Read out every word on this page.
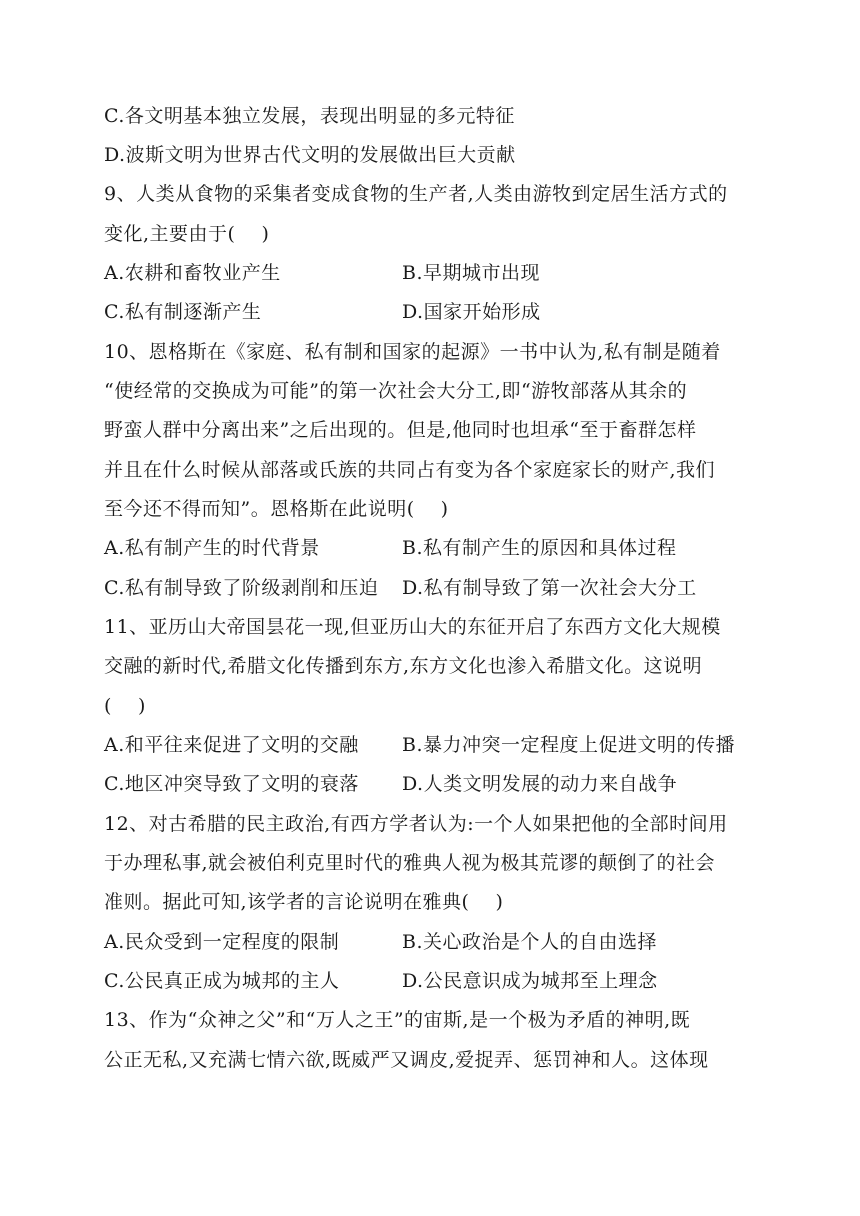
C.各文明基本独立发展，表现出明显的多元特征
D.波斯文明为世界古代文明的发展做出巨大贡献
9、人类从食物的采集者变成食物的生产者,人类由游牧到定居生活方式的
变化,主要由于(　 )
A.农耕和畜牧业产生	B.早期城市出现
C.私有制逐渐产生	D.国家开始形成
10、恩格斯在《家庭、私有制和国家的起源》一书中认为,私有制是随着
“使经常的交换成为可能”的第一次社会大分工,即“游牧部落从其余的
野蛮人群中分离出来”之后出现的。但是,他同时也坦承“至于畜群怎样
并且在什么时候从部落或氏族的共同占有变为各个家庭家长的财产,我们
至今还不得而知”。恩格斯在此说明(　 )
A.私有制产生的时代背景	B.私有制产生的原因和具体过程
C.私有制导致了阶级剥削和压迫 D.私有制导致了第一次社会大分工
11、亚历山大帝国昙花一现,但亚历山大的东征开启了东西方文化大规模
交融的新时代,希腊文化传播到东方,东方文化也渗入希腊文化。这说明
(　 )
A.和平往来促进了文明的交融 B.暴力冲突一定程度上促进文明的传播
C.地区冲突导致了文明的衰落 D.人类文明发展的动力来自战争
12、对古希腊的民主政治,有西方学者认为:一个人如果把他的全部时间用
于办理私事,就会被伯利克里时代的雅典人视为极其荒谬的颠倒了的社会
准则。据此可知,该学者的言论说明在雅典(　 )
A.民众受到一定程度的限制	B.关心政治是个人的自由选择
C.公民真正成为城邦的主人	D.公民意识成为城邦至上理念
13、作为“众神之父”和“万人之王”的宙斯,是一个极为矛盾的神明,既
公正无私,又充满七情六欲,既威严又调皮,爱捉弄、惩罚神和人。这体现
